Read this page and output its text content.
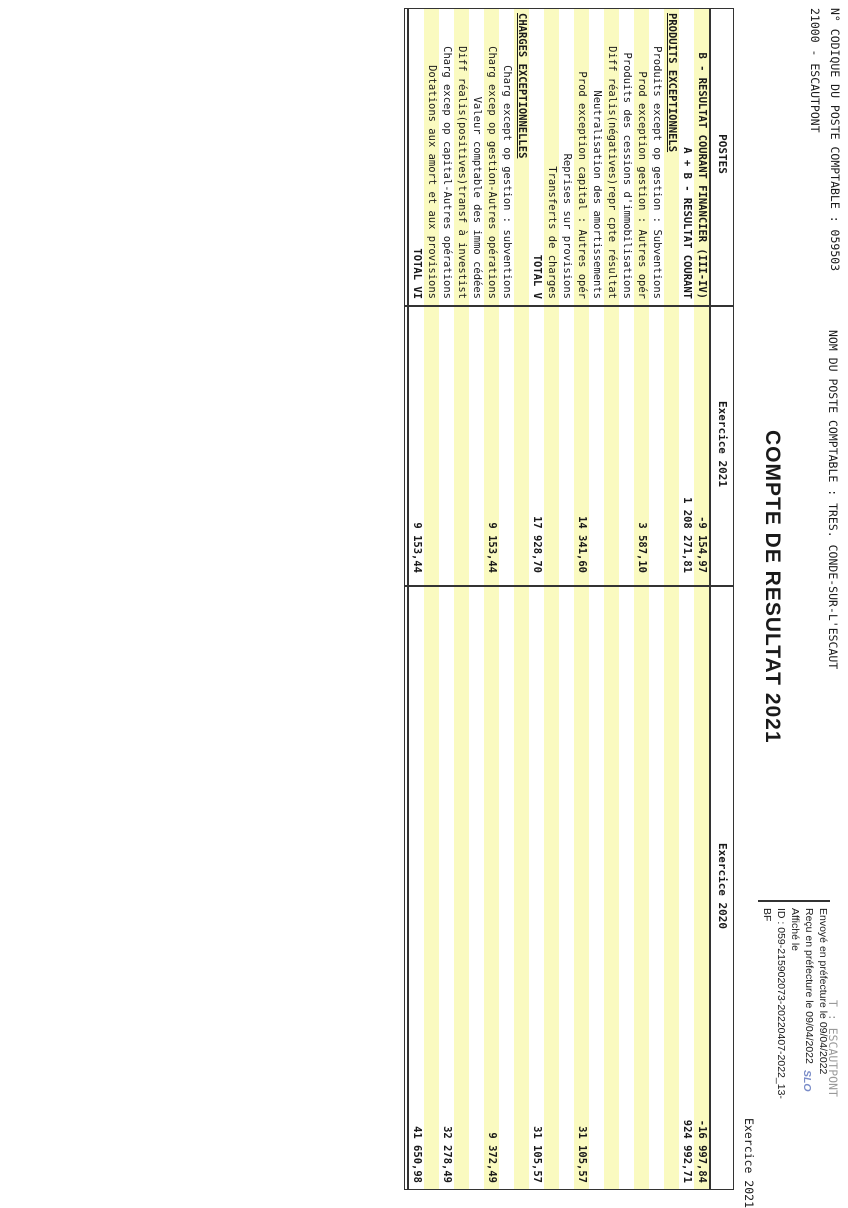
N° CODIQUE DU POSTE COMPTABLE : 059503
NOM DU POSTE COMPTABLE : TRES. CONDE-SUR-L'ESCAUT
T : ESCAUTPONT
21000 - ESCAUTPONT
COMPTE DE RESULTAT 2021
Exercice 2021
Envoyé en préfecture le 09/04/2022
Reçu en préfecture le 09/04/2022
Affiché le
ID : 059-215902073-20220407-2022_13-BF
SLO
POSTES
Exercice 2021
Exercice 2020
B - RESULTAT COURANT FINANCIER (III-IV)
-9 154,97
-16 997,84
A + B - RESULTAT COURANT
1 208 271,81
924 992,71
PRODUITS EXCEPTIONNELS
Produits except op gestion : Subventions
Prod exception gestion : Autres opér
3 587,10
Produits des cessions d'immobilisations
Diff réalis(négatives)repr cpte résultat
Neutralisation des amortissements
Prod exception capital : Autres opér
14 341,60
31 105,57
Reprises sur provisions
Transferts de charges
TOTAL V
17 928,70
31 105,57
CHARGES EXCEPTIONNELLES
Charg except op gestion : subventions
Charg excep op gestion-Autres opérations
9 153,44
9 372,49
Valeur comptable des immo cédées
Diff réalis(positives)transf à investist
Charg excep op capital-Autres opérations
32 278,49
Dotations aux amort et aux provisions
TOTAL VI
9 153,44
41 650,98
